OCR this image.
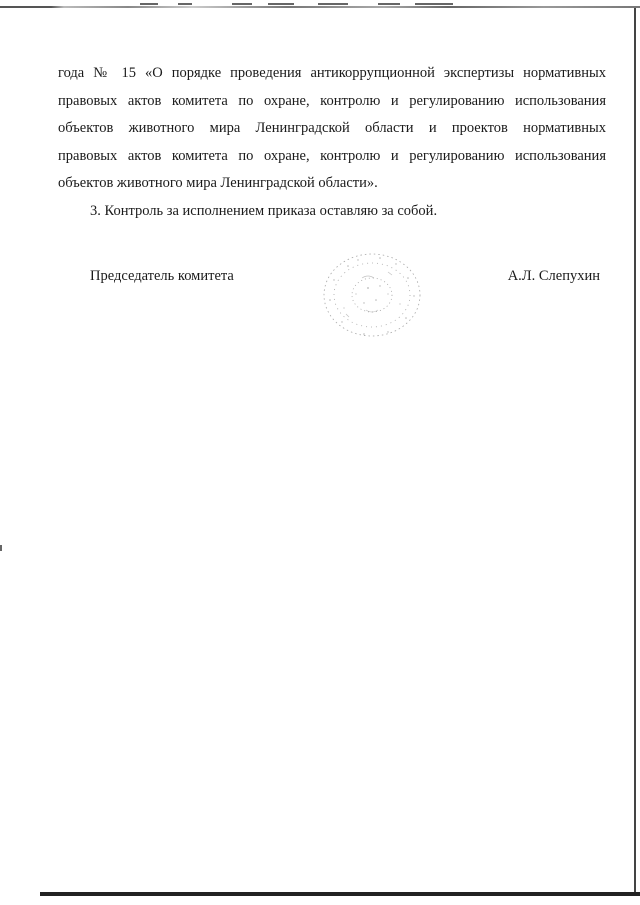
года № 15 «О порядке проведения антикоррупционной экспертизы нормативных

правовых актов комитета по охране, контролю и регулированию использования

объектов животного мира Ленинградской области и проектов нормативных

правовых актов комитета по охране, контролю и регулированию использования

объектов животного мира Ленинградской области».

3. Контроль за исполнением приказа оставляю за собой.

Председатель комитета	А.Л. Слепухин
